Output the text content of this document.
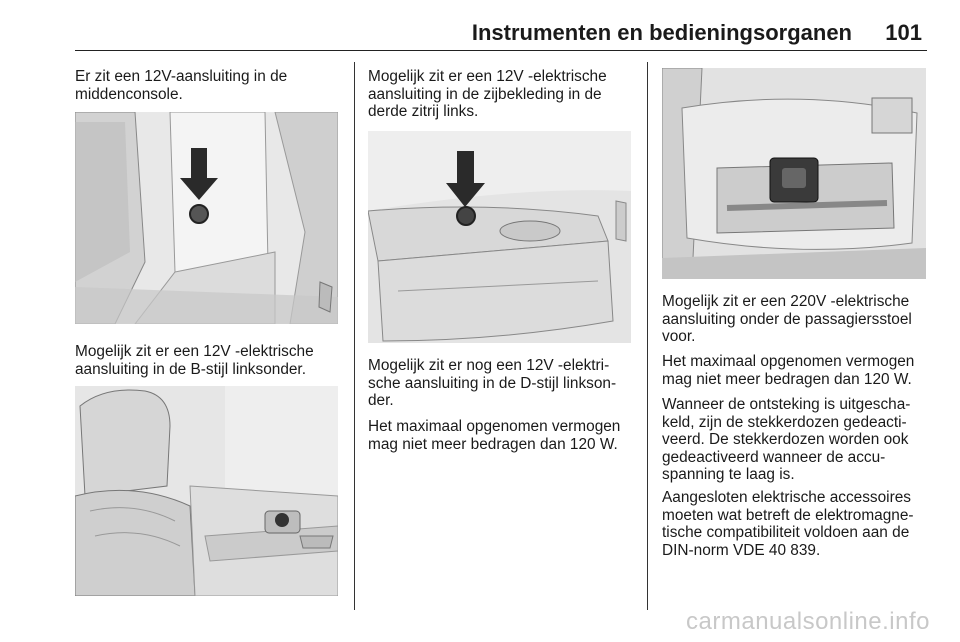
Instrumenten en bedieningsorganen 101

Er zit een 12V-aansluiting in de middenconsole.

Mogelijk zit er een 12V -elektrische aansluiting in de B-stijl linksonder.

Mogelijk zit er een 12V -elektrische aansluiting in de zijbekleding in de derde zitrij links.

Mogelijk zit er nog een 12V -elektri-sche aansluiting in de D-stijl linkson-der.

Het maximaal opgenomen vermogen mag niet meer bedragen dan 120 W.

Mogelijk zit er een 220V -elektrische aansluiting onder de passagiersstoel voor.

Het maximaal opgenomen vermogen mag niet meer bedragen dan 120 W.

Wanneer de ontsteking is uitgescha-keld, zijn de stekkerdozen gedeacti-veerd. De stekkerdozen worden ook gedeactiveerd wanneer de accu-spanning te laag is.

Aangesloten elektrische accessoires moeten wat betreft de elektromagne-tische compatibiliteit voldoen aan de DIN-norm VDE 40 839.

carmanualsonline.info
